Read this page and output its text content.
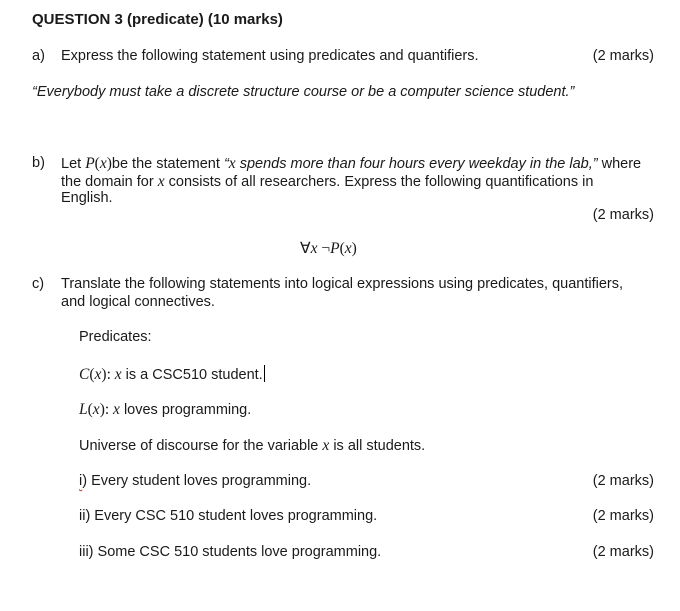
QUESTION 3 (predicate) (10 marks)
a) Express the following statement using predicates and quantifiers.	(2 marks)
“Everybody must take a discrete structure course or be a computer science student.”
b) Let P(x)be the statement “x spends more than four hours every weekday in the lab,” where
the domain for x consists of all researchers. Express the following quantifications in
English.
(2 marks)
∀x ¬P(x)
c) Translate the following statements into logical expressions using predicates, quantifiers,
and logical connectives.
Predicates:
C(x): x is a CSC510 student.
L(x): x loves programming.
Universe of discourse for the variable x is all students.
i) Every student loves programming.	(2 marks)
ii) Every CSC 510 student loves programming.	(2 marks)
iii) Some CSC 510 students love programming.	(2 marks)
